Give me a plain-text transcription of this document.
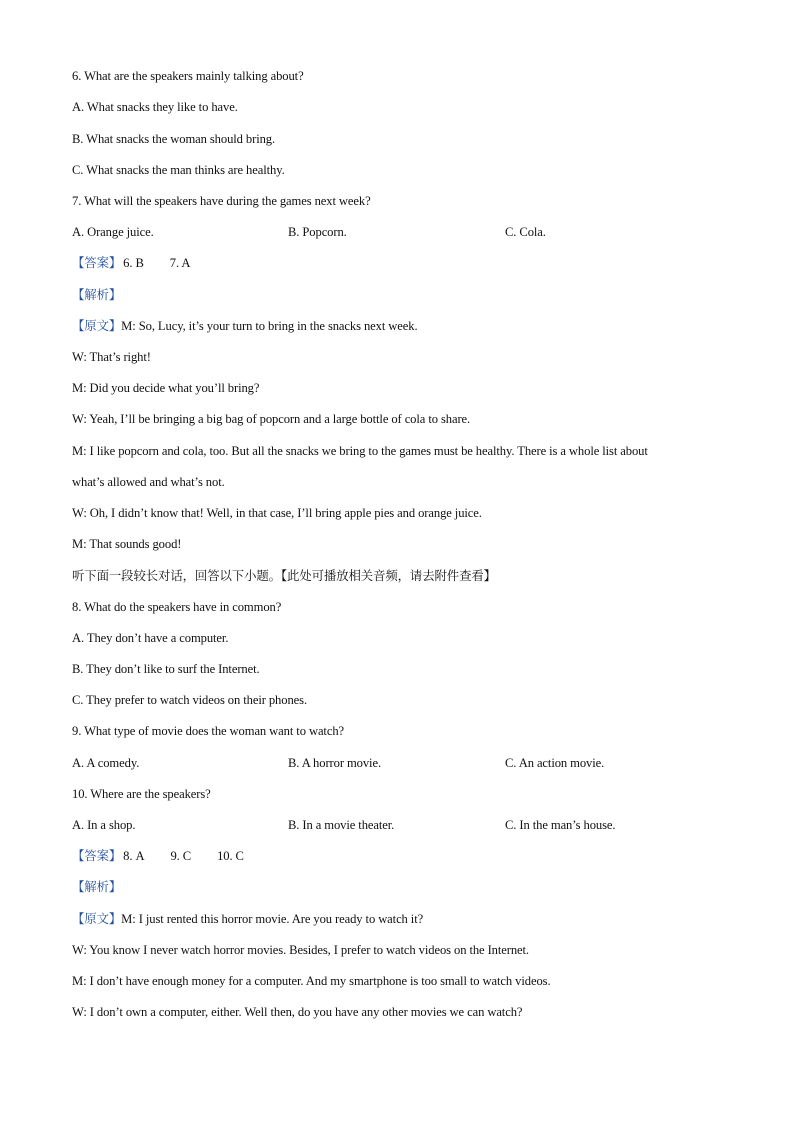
6. What are the speakers mainly talking about?
A. What snacks they like to have.
B. What snacks the woman should bring.
C. What snacks the man thinks are healthy.
7. What will the speakers have during the games next week?
A. Orange juice.	B. Popcorn.	C. Cola.
【答案】 6. B 7. A
【解析】
【原文】M: So, Lucy, it’s your turn to bring in the snacks next week.
W: That’s right!
M: Did you decide what you’ll bring?
W: Yeah, I’ll be bringing a big bag of popcorn and a large bottle of cola to share.
M: I like popcorn and cola, too. But all the snacks we bring to the games must be healthy. There is a whole list about
what’s allowed and what’s not.
W: Oh, I didn’t know that! Well, in that case, I’ll bring apple pies and orange juice.
M: That sounds good!
听下面一段较长对话，回答以下小题。【此处可播放相关音频，请去附件查看】
8. What do the speakers have in common?
A. They don’t have a computer.
B. They don’t like to surf the Internet.
C. They prefer to watch videos on their phones.
9. What type of movie does the woman want to watch?
A. A comedy.	B. A horror movie.	C. An action movie.
10. Where are the speakers?
A. In a shop.	B. In a movie theater.	C. In the man’s house.
【答案】 8. A 9. C 10. C
【解析】
【原文】M: I just rented this horror movie. Are you ready to watch it?
W: You know I never watch horror movies. Besides, I prefer to watch videos on the Internet.
M: I don’t have enough money for a computer. And my smartphone is too small to watch videos.
W: I don’t own a computer, either. Well then, do you have any other movies we can watch?
